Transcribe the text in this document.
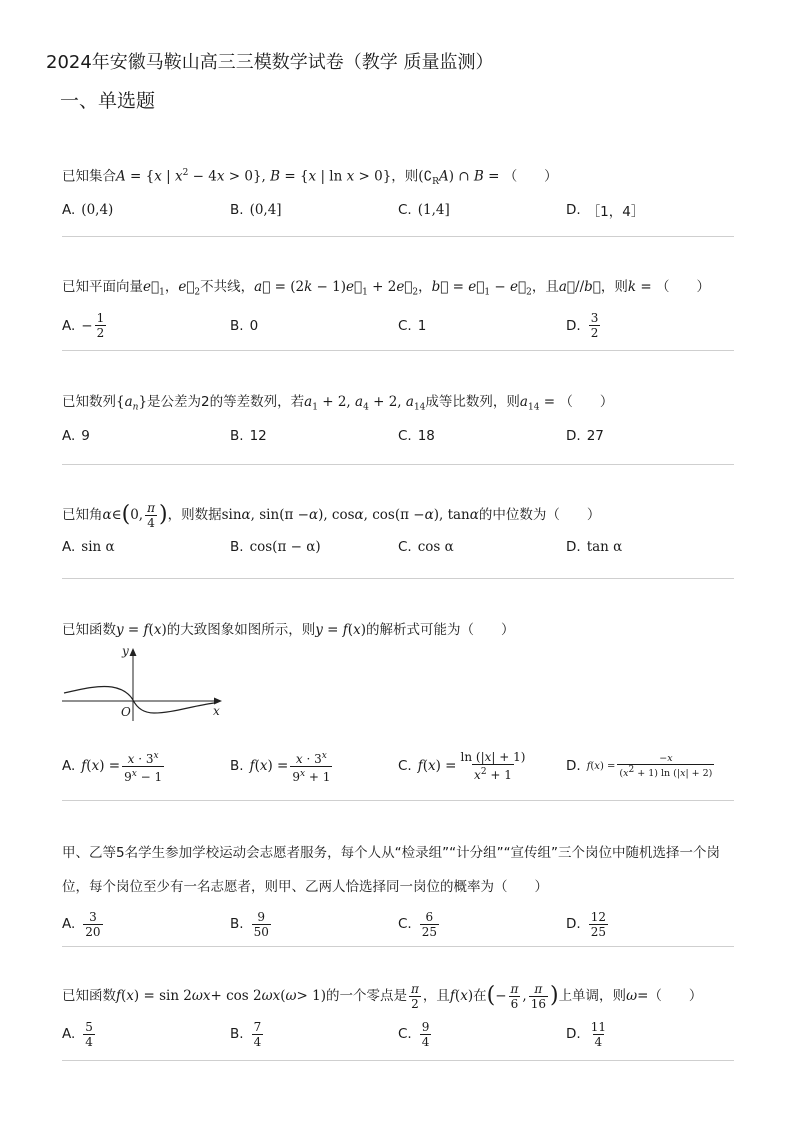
2024年安徽马鞍山高三三模数学试卷（教学 质量监测）
一、单选题
已知集合A = {x | $x^2 - 4x > 0$}, B = {x | ln x > 0}，则$(∁_RA)$ ∩ B = （　　）
A. (0,4)	B. (0,4]	C. (1,4]	D. ［1，4］
已知平面向量$e⃗_1$，$e⃗_2$不共线，a⃗ = $(2k - 1)e⃗_1$ + $2e⃗_2$，b⃗ = $e⃗_1$ − $e⃗_2$，且a⃗//b⃗，则k = （　　）
A. − $\frac{1}{2}$	B. 0	C. 1	D. $\frac{3}{2}$
已知数列$\{a_n\}$是公差为2的等差数列，若$a_1 + 2$, $a_4 + 2$, $a_{14}$成等比数列，则$a_{14}$ = （　　）
A. 9	B. 12	C. 18	D. 27
已知角 α ∈ ( 0, $\frac{\pi}{4}$ ) ，则数据 sin α , sin(π − α ), cos α , cos(π − α ), tan α 的中位数为（　　）
A. sin α	B. cos(π − α)	C. cos α	D. tan α
已知函数y = f(x)的大致图象如图所示，则y = f(x)的解析式可能为（　　）
y
x
O
A. f ( x ) = $\frac{x \cdot 3^x}{9^x - 1}$	B. f ( x ) = $\frac{x \cdot 3^x}{9^x + 1}$	C. f ( x ) = $\frac{\ln (|x| + 1)}{x^2 + 1}$	D. $f(x) = \frac{-x}{(x^2 + 1) \ln (|x| + 2)}$
甲、乙等5名学生参加学校运动会志愿者服务，每个人从“检录组”“计分组”“宣传组”三个岗位中随机选择一个岗位，每个岗位至少有一名志愿者，则甲、乙两人恰选择同一岗位的概率为（　　）
A. $\frac{3}{20}$	B. $\frac{9}{50}$	C. $\frac{6}{25}$	D. $\frac{12}{25}$
已知函数 f ( x ) = sin 2 ωx + cos 2 ωx ( ω > 1) 的一个零点是 $\frac{\pi}{2}$ ，且 f ( x ) 在 ( − $\frac{\pi}{6}$ , $\frac{\pi}{16}$ ) 上单调，则 ω = （　　）
A. $\frac{5}{4}$	B. $\frac{7}{4}$	C. $\frac{9}{4}$	D. $\frac{11}{4}$
